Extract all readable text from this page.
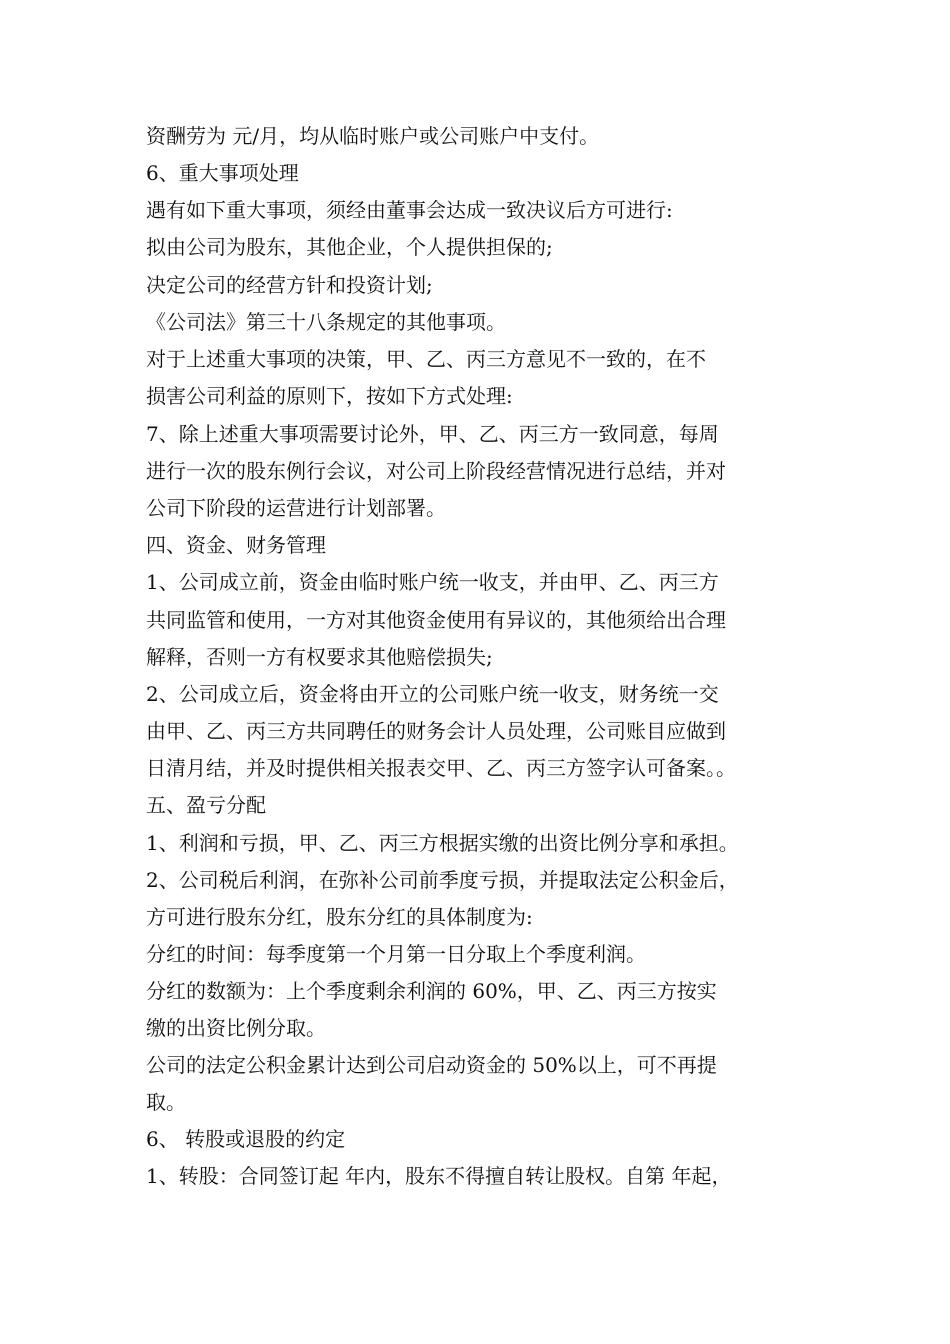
资酬劳为 元/月，均从临时账户或公司账户中支付。
6、重大事项处理
遇有如下重大事项，须经由董事会达成一致决议后方可进行:
拟由公司为股东，其他企业，个人提供担保的;
决定公司的经营方针和投资计划;
《公司法》第三十八条规定的其他事项。
对于上述重大事项的决策，甲、乙、丙三方意见不一致的，在不
损害公司利益的原则下，按如下方式处理:
7、除上述重大事项需要讨论外，甲、乙、丙三方一致同意，每周
进行一次的股东例行会议，对公司上阶段经营情况进行总结，并对
公司下阶段的运营进行计划部署。
四、资金、财务管理
1、公司成立前，资金由临时账户统一收支，并由甲、乙、丙三方
共同监管和使用，一方对其他资金使用有异议的，其他须给出合理
解释，否则一方有权要求其他赔偿损失;
2、公司成立后，资金将由开立的公司账户统一收支，财务统一交
由甲、乙、丙三方共同聘任的财务会计人员处理，公司账目应做到
日清月结，并及时提供相关报表交甲、乙、丙三方签字认可备案。。
五、盈亏分配
1、利润和亏损，甲、乙、丙三方根据实缴的出资比例分享和承担。
2、公司税后利润，在弥补公司前季度亏损，并提取法定公积金后，
方可进行股东分红，股东分红的具体制度为:
分红的时间：每季度第一个月第一日分取上个季度利润。
分红的数额为：上个季度剩余利润的 60%，甲、乙、丙三方按实
缴的出资比例分取。
公司的法定公积金累计达到公司启动资金的 50%以上，可不再提
取。
6、 转股或退股的约定
1、转股：合同签订起 年内，股东不得擅自转让股权。自第 年起，
